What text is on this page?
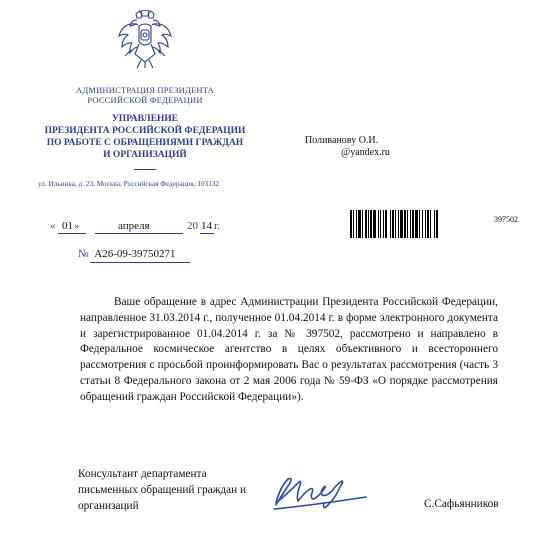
АДМИНИСТРАЦИЯ ПРЕЗИДЕНТА
РОССИЙСКОЙ ФЕДЕРАЦИИ
УПРАВЛЕНИЕ
ПРЕЗИДЕНТА РОССИЙСКОЙ ФЕДЕРАЦИИ
ПО РАБОТЕ С ОБРАЩЕНИЯМИ ГРАЖДАН
И ОРГАНИЗАЦИЙ
ул. Ильинка, д. 23, Москва, Российская Федерация, 103132
Поливанову О.И.
@yandex.ru
« 01 »	апреля	20 14 г.
397502
№ А26-09-39750271

Ваше обращение в адрес Администрации Президента Российской Федерации, направленное 31.03.2014 г., полученное 01.04.2014 г. в форме электронного документа и зарегистрированное 01.04.2014 г. за № 397502, рассмотрено и направлено в Федеральное космическое агентство в целях объективного и всестороннего рассмотрения с просьбой проинформировать Вас о результатах рассмотрения (часть 3 статьи 8 Федерального закона от 2 мая 2006 года № 59-ФЗ «О порядке рассмотрения обращений граждан Российской Федерации»).

Консультант департамента
письменных обращений граждан и
организаций	С.Сафьянников
